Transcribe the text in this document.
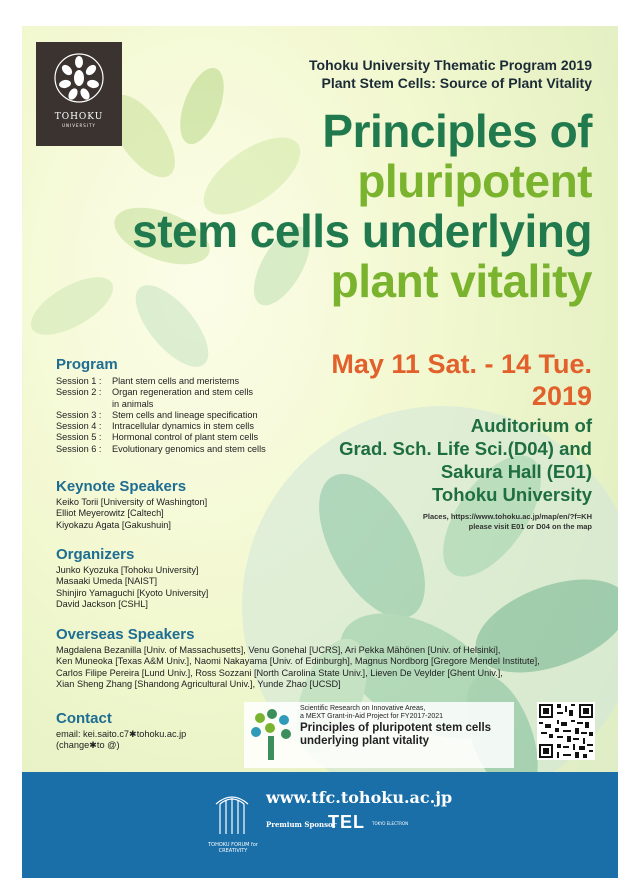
TOHOKU
UNIVERSITY
Tohoku University Thematic Program 2019
Plant Stem Cells: Source of Plant Vitality
Principles of
pluripotent
stem cells underlying
plant vitality
May 11 Sat. - 14 Tue.
2019
Auditorium of
Grad. Sch. Life Sci.(D04) and
Sakura Hall (E01)
Tohoku University
Places, https://www.tohoku.ac.jp/map/en/?f=KH
please visit E01 or D04 on the map
Program
Session 1 :	Plant stem cells and meristems
Session 2 :	Organ regeneration and stem cells
in animals
Session 3 :	Stem cells and lineage specification
Session 4 :	Intracellular dynamics in stem cells
Session 5 :	Hormonal control of plant stem cells
Session 6 :	Evolutionary genomics and stem cells
Keynote Speakers
Keiko Torii [University of Washington]
Elliot Meyerowitz [Caltech]
Kiyokazu Agata [Gakushuin]
Organizers
Junko Kyozuka [Tohoku University]
Masaaki Umeda [NAIST]
Shinjiro Yamaguchi [Kyoto University]
David Jackson [CSHL]
Overseas Speakers
Magdalena Bezanilla [Univ. of Massachusetts], Venu Gonehal [UCRS], Ari Pekka Mähönen [Univ. of Helsinki],
Ken Muneoka [Texas A&M Univ.], Naomi Nakayama [Univ. of Edinburgh], Magnus Nordborg [Gregore Mendel Institute],
Carlos Filipe Pereira [Lund Univ.], Ross Sozzani [North Carolina State Univ.], Lieven De Veylder [Ghent Univ.],
Xian Sheng Zhang [Shandong Agricultural Univ.], Yunde Zhao [UCSD]
Contact
email: kei.saito.c7✱tohoku.ac.jp
(change✱to @)
Scientific Research on Innovative Areas,
a MEXT Grant-in-Aid Project for FY2017-2021
Principles of pluripotent stem cells underlying plant vitality
TOHOKU FORUM for CREATIVITY
www.tfc.tohoku.ac.jp
Premium Sponsor
TEL TOKYO ELECTRON
